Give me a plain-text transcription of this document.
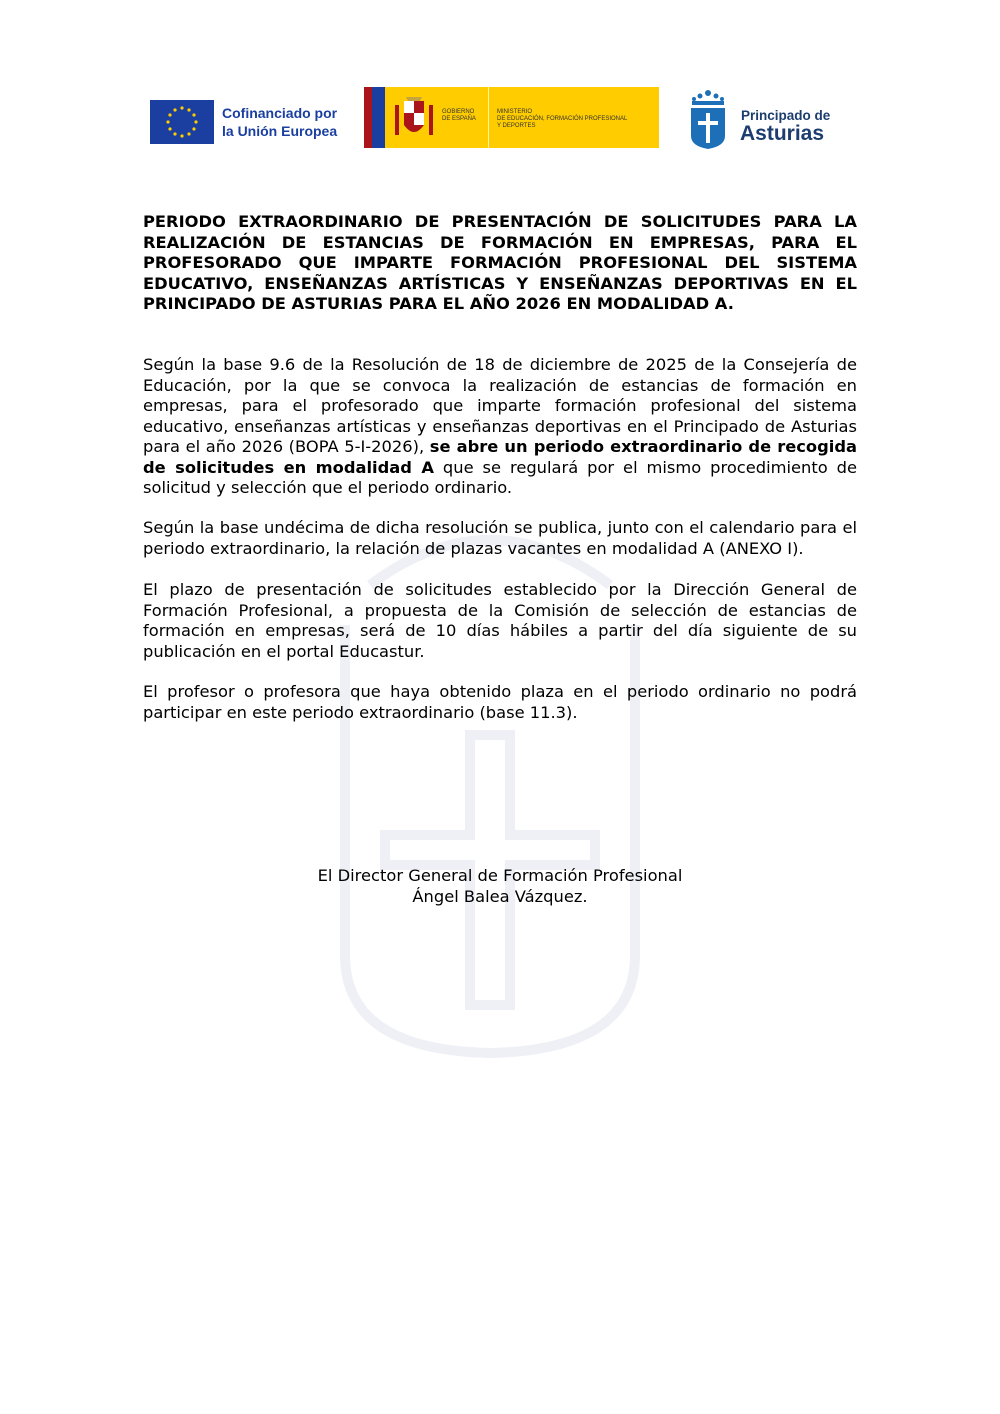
Cofinanciado por
la Unión Europea
GOBIERNO
DE ESPAÑA
MINISTERIO
DE EDUCACIÓN, FORMACIÓN PROFESIONAL
Y DEPORTES
Principado de
Asturias
PERIODO EXTRAORDINARIO DE PRESENTACIÓN DE SOLICITUDES PARA LA REALIZACIÓN DE ESTANCIAS DE FORMACIÓN EN EMPRESAS, PARA EL PROFESORADO QUE IMPARTE FORMACIÓN PROFESIONAL DEL SISTEMA EDUCATIVO, ENSEÑANZAS ARTÍSTICAS Y ENSEÑANZAS DEPORTIVAS EN EL PRINCIPADO DE ASTURIAS PARA EL AÑO 2026 EN MODALIDAD A.

Según la base 9.6 de la Resolución de 18 de diciembre de 2025 de la Consejería de Educación, por la que se convoca la realización de estancias de formación en empresas, para el profesorado que imparte formación profesional del sistema educativo, enseñanzas artísticas y enseñanzas deportivas en el Principado de Asturias para el año 2026 (BOPA 5-I-2026), se abre un periodo extraordinario de recogida de solicitudes en modalidad A que se regulará por el mismo procedimiento de solicitud y selección que el periodo ordinario.

Según la base undécima de dicha resolución se publica, junto con el calendario para el periodo extraordinario, la relación de plazas vacantes en modalidad A (ANEXO I).

El plazo de presentación de solicitudes establecido por la Dirección General de Formación Profesional, a propuesta de la Comisión de selección de estancias de formación en empresas, será de 10 días hábiles a partir del día siguiente de su publicación en el portal Educastur.

El profesor o profesora que haya obtenido plaza en el periodo ordinario no podrá participar en este periodo extraordinario (base 11.3).

El Director General de Formación Profesional
Ángel Balea Vázquez.
